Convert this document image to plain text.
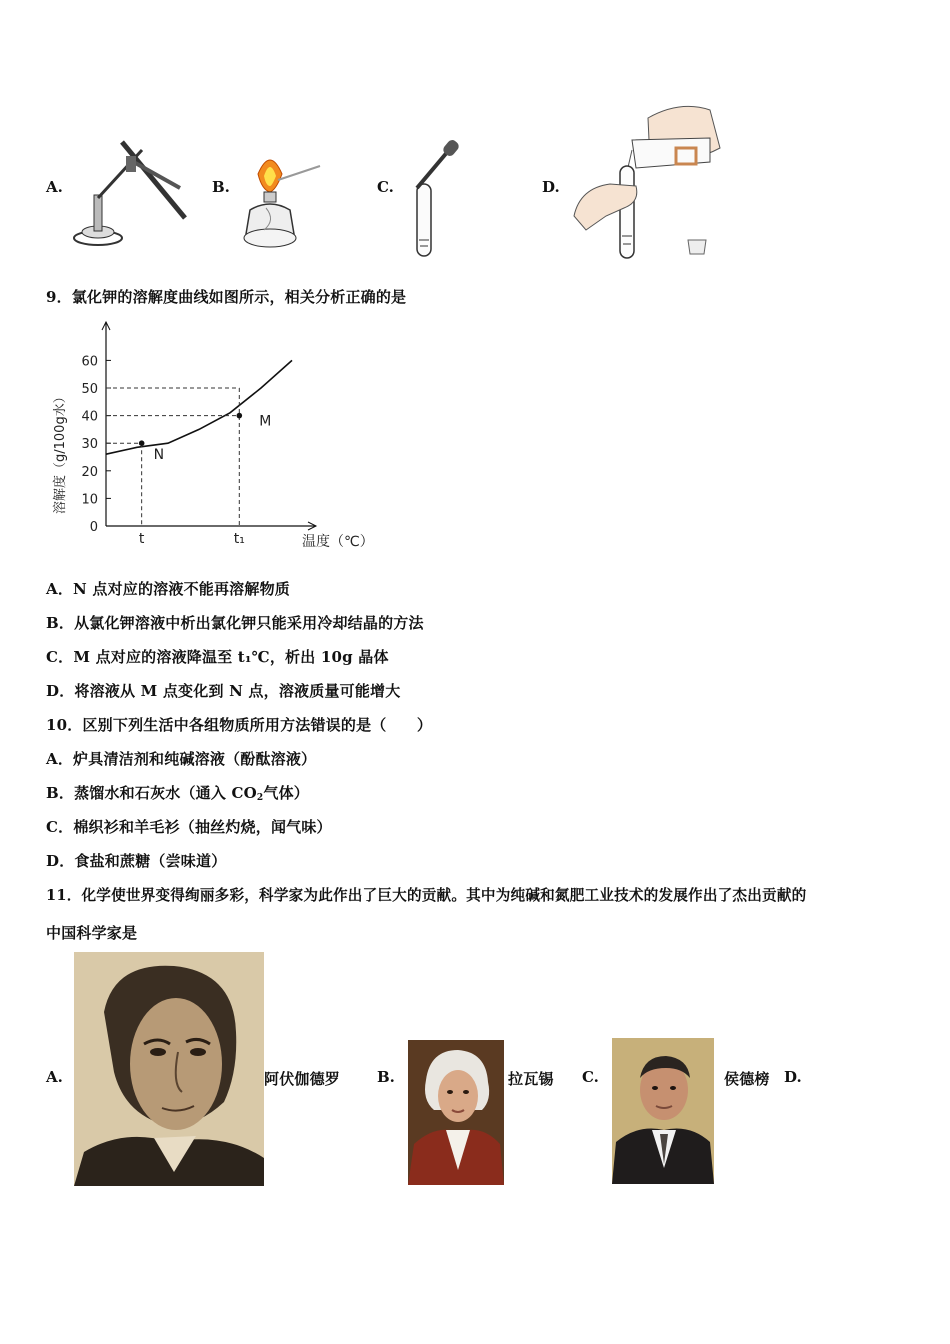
A.	B.	C.	D.
9．氯化钾的溶解度曲线如图所示，相关分析正确的是
0
10
20
30
40
50
60
N
M
t	t₁	温度（℃）
溶解度（g/100g水）
A．N 点对应的溶液不能再溶解物质
B．从氯化钾溶液中析出氯化钾只能采用冷却结晶的方法
C．M 点对应的溶液降温至 t₁℃，析出 10g 晶体
D．将溶液从 M 点变化到 N 点，溶液质量可能增大
10．区别下列生活中各组物质所用方法错误的是（　　）
A．炉具清洁剂和纯碱溶液（酚酞溶液）
B．蒸馏水和石灰水（通入 $CO_2$气体）
C．棉织衫和羊毛衫（抽丝灼烧，闻气味）
D．食盐和蔗糖（尝味道）
11．化学使世界变得绚丽多彩，科学家为此作出了巨大的贡献。其中为纯碱和氮肥工业技术的发展作出了杰出贡献的
中国科学家是
A.	阿伏伽德罗 B.	拉瓦锡 C.	侯德榜 D.
